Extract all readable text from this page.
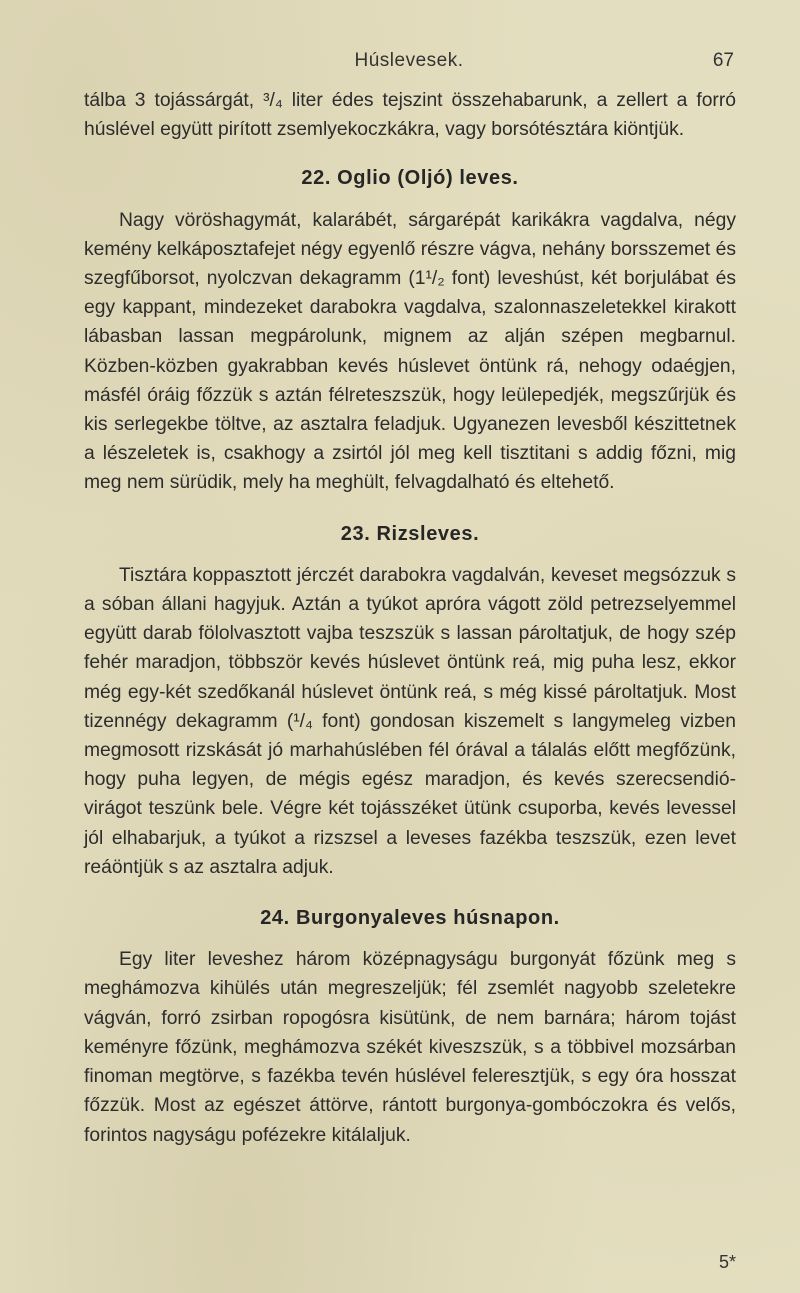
Húslevesek.	67

tálba 3 tojássárgát, ³/₄ liter édes tejszint összehabarunk, a zellert a forró húslével együtt pirított zsemlyekoczkákra, vagy borsótésztára kiöntjük.

22. Oglio (Oljó) leves.

Nagy vöröshagymát, kalarábét, sárgarépát karikákra vagdalva, négy kemény kelkáposztafejet négy egyenlő részre vágva, nehány borsszemet és szegfűborsot, nyolczvan dekagramm (1¹/₂ font) leveshúst, két borjulábat és egy kappant, mindezeket darabokra vagdalva, szalonnaszeletekkel kirakott lábasban lassan megpárolunk, mignem az alján szépen megbarnul. Közben-közben gyakrabban kevés húslevet öntünk rá, nehogy odaégjen, másfél óráig főzzük s aztán félreteszszük, hogy leülepedjék, megszűrjük és kis serlegekbe töltve, az asztalra feladjuk. Ugyanezen levesből készittetnek a lészeletek is, csakhogy a zsirtól jól meg kell tisztitani s addig főzni, mig meg nem sürüdik, mely ha meghült, felvagdalható és eltehető.

23. Rizsleves.

Tisztára koppasztott jérczét darabokra vagdalván, keveset megsózzuk s a sóban állani hagyjuk. Aztán a tyúkot apróra vágott zöld petrezselyemmel együtt darab fölolvasztott vajba teszszük s lassan pároltatjuk, de hogy szép fehér maradjon, többször kevés húslevet öntünk reá, mig puha lesz, ekkor még egy-két szedőkanál húslevet öntünk reá, s még kissé pároltatjuk. Most tizennégy dekagramm (¹/₄ font) gondosan kiszemelt s langymeleg vizben megmosott rizskását jó marhahúslében fél órával a tálalás előtt megfőzünk, hogy puha legyen, de mégis egész maradjon, és kevés szerecsendió-virágot teszünk bele. Végre két tojásszéket ütünk csuporba, kevés levessel jól elhabarjuk, a tyúkot a rizszsel a leveses fazékba teszszük, ezen levet reáöntjük s az asztalra adjuk.

24. Burgonyaleves húsnapon.

Egy liter leveshez három középnagyságu burgonyát főzünk meg s meghámozva kihülés után megreszeljük; fél zsemlét nagyobb szeletekre vágván, forró zsirban ropogósra kisütünk, de nem barnára; három tojást keményre főzünk, meghámozva székét kiveszszük, s a többivel mozsárban finoman megtörve, s fazékba tevén húslével feleresztjük, s egy óra hosszat főzzük. Most az egészet áttörve, rántott burgonya-gombóczokra és velős, forintos nagyságu pofézekre kitálaljuk.

5*
